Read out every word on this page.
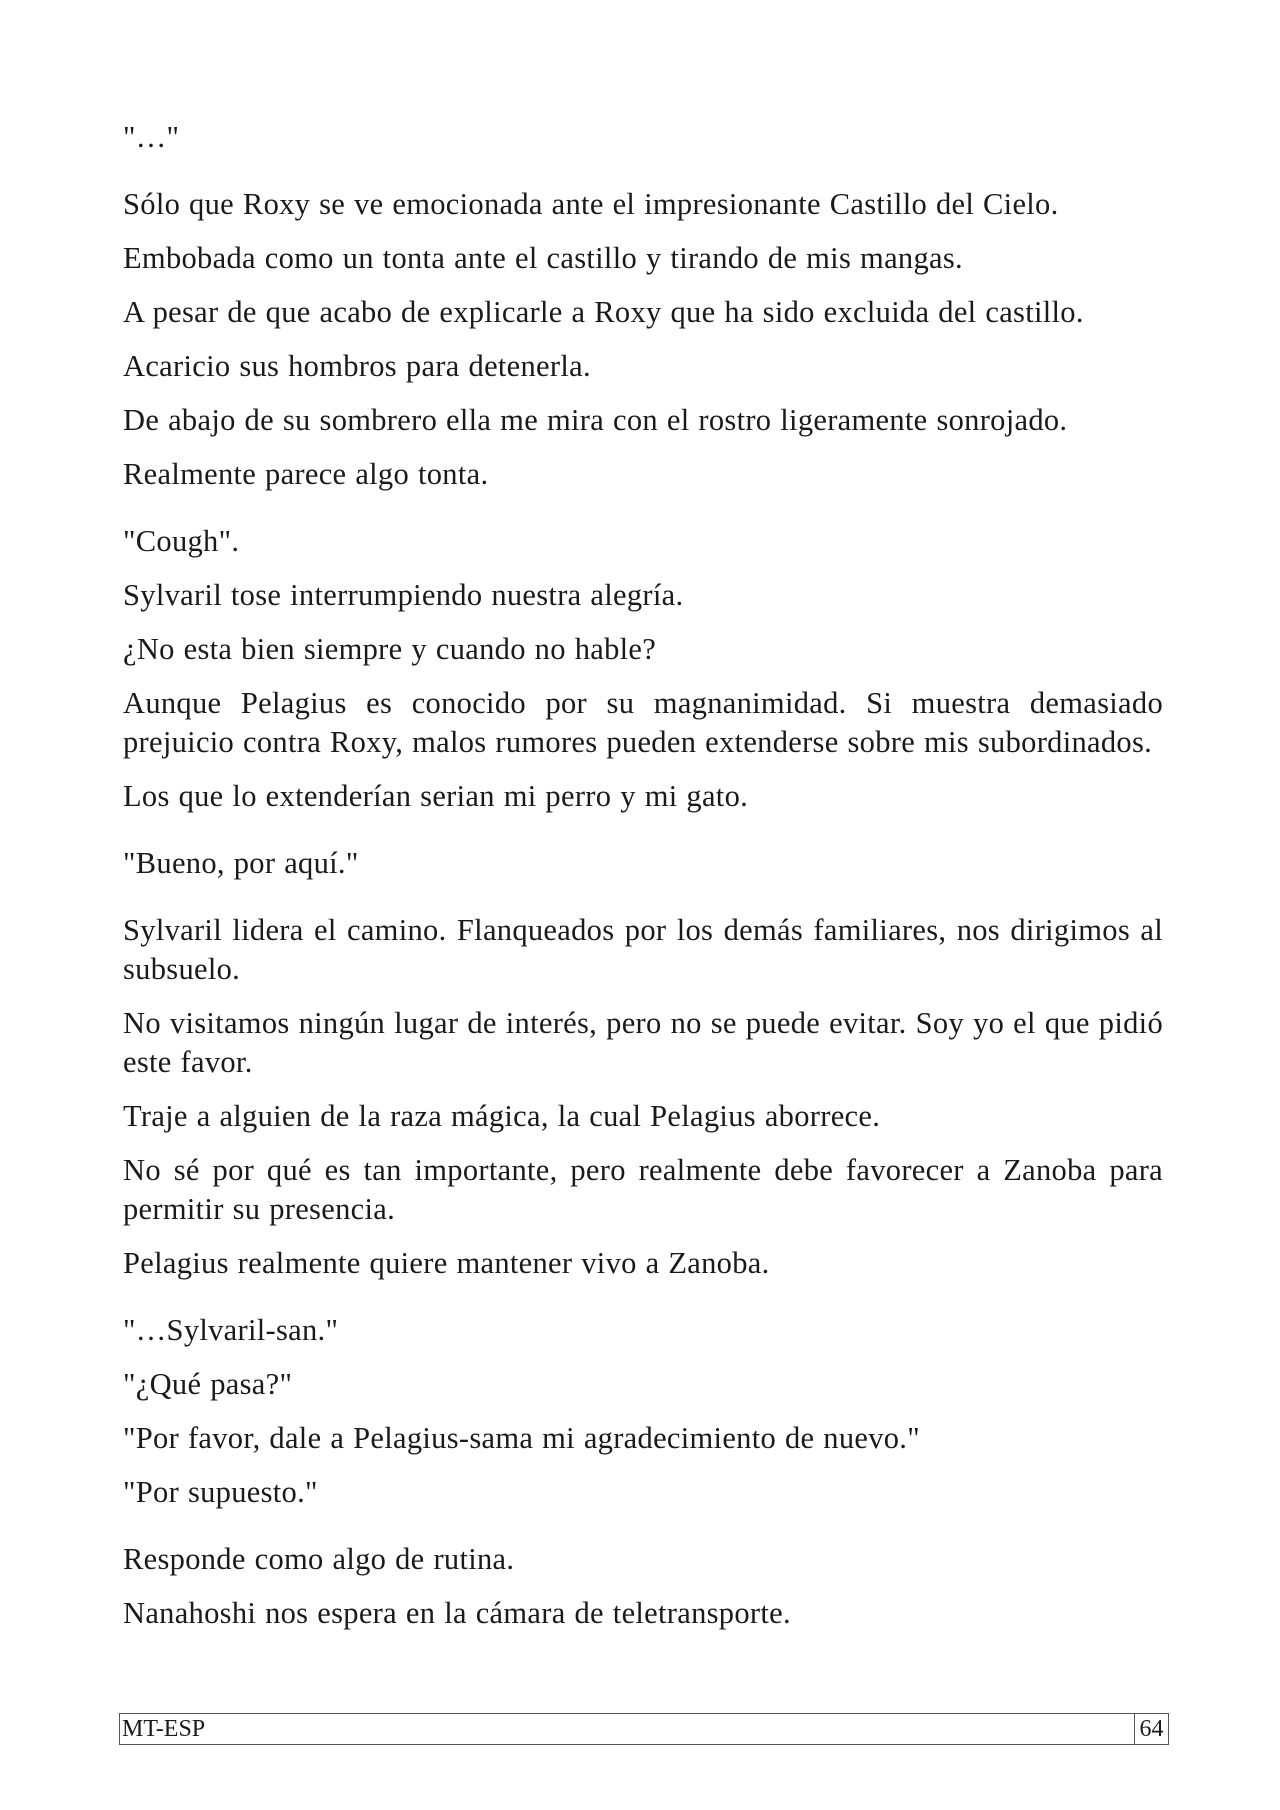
"…"

Sólo que Roxy se ve emocionada ante el impresionante Castillo del Cielo.

Embobada como un tonta ante el castillo y tirando de mis mangas.

A pesar de que acabo de explicarle a Roxy que ha sido excluida del castillo.

Acaricio sus hombros para detenerla.

De abajo de su sombrero ella me mira con el rostro ligeramente sonrojado.

Realmente parece algo tonta.

"Cough".

Sylvaril tose interrumpiendo nuestra alegría.

¿No esta bien siempre y cuando no hable?

Aunque Pelagius es conocido por su magnanimidad. Si muestra demasiado prejuicio contra Roxy, malos rumores pueden extenderse sobre mis subordinados.

Los que lo extenderían serian mi perro y mi gato.

"Bueno, por aquí."

Sylvaril lidera el camino. Flanqueados por los demás familiares, nos dirigimos al subsuelo.

No visitamos ningún lugar de interés, pero no se puede evitar. Soy yo el que pidió este favor.

Traje a alguien de la raza mágica, la cual Pelagius aborrece.

No sé por qué es tan importante, pero realmente debe favorecer a Zanoba para permitir su presencia.

Pelagius realmente quiere mantener vivo a Zanoba.

"…Sylvaril-san."

"¿Qué pasa?"

"Por favor, dale a Pelagius-sama mi agradecimiento de nuevo."

"Por supuesto."

Responde como algo de rutina.

Nanahoshi nos espera en la cámara de teletransporte.

MT-ESP	64
